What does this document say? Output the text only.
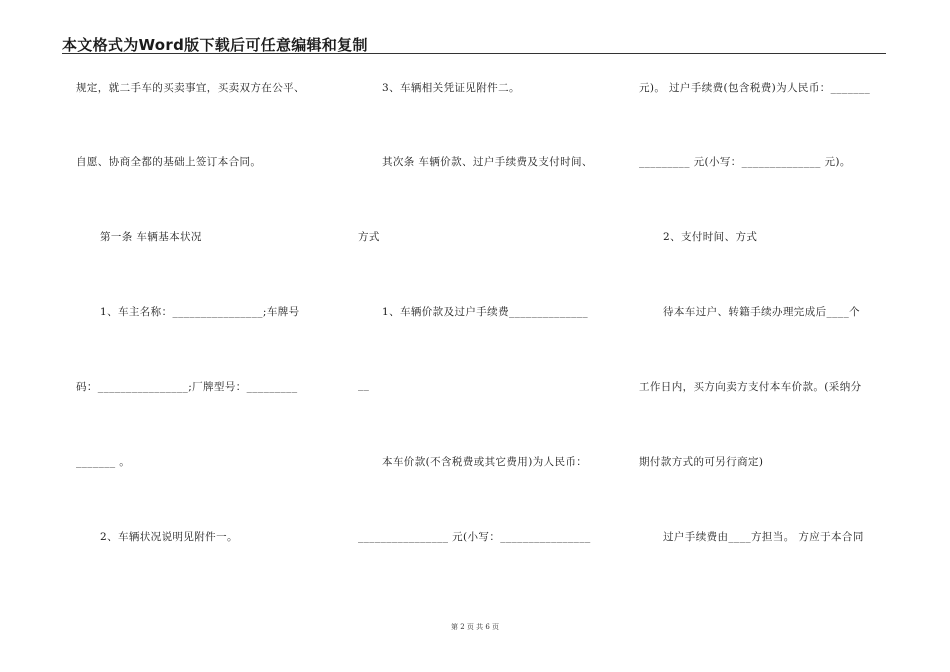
本文格式为Word版下载后可任意编辑和复制
规定，就二手车的买卖事宜，买卖双方在公平、
自愿、协商全都的基础上签订本合同。
第一条 车辆基本状况
1、车主名称：________________;车牌号
码：________________;厂牌型号：_________
_______ 。
2、车辆状况说明见附件一。
3、车辆相关凭证见附件二。
其次条 车辆价款、过户手续费及支付时间、
方式
1、车辆价款及过户手续费______________
__
本车价款(不含税费或其它费用)为人民币：
________________ 元(小写：________________
元)。 过户手续费(包含税费)为人民币：_______
_________ 元(小写：______________ 元)。
2、支付时间、方式
待本车过户、转籍手续办理完成后____个
工作日内，买方向卖方支付本车价款。(采纳分
期付款方式的可另行商定)
过户手续费由____方担当。 方应于本合同
第 2 页 共 6 页
